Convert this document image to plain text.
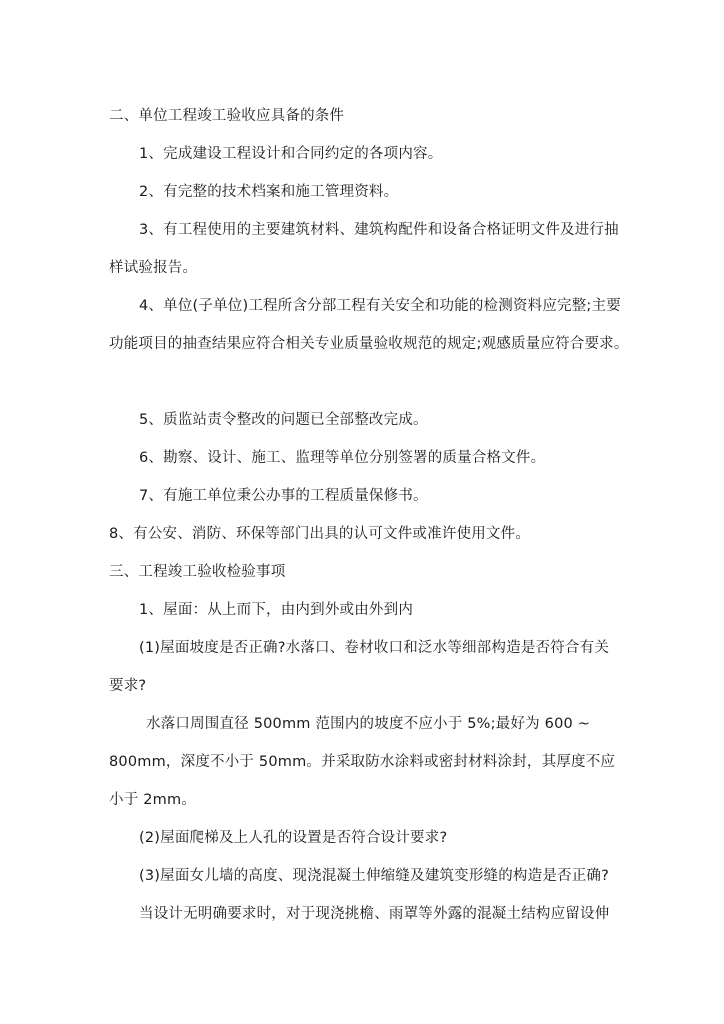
二、单位工程竣工验收应具备的条件
1、完成建设工程设计和合同约定的各项内容。
2、有完整的技术档案和施工管理资料。
3、有工程使用的主要建筑材料、建筑构配件和设备合格证明文件及进行抽
样试验报告。
4、单位(子单位)工程所含分部工程有关安全和功能的检测资料应完整;主要
功能项目的抽查结果应符合相关专业质量验收规范的规定;观感质量应符合要求。
5、质监站责令整改的问题已全部整改完成。
6、勘察、设计、施工、监理等单位分别签署的质量合格文件。
7、有施工单位秉公办事的工程质量保修书。
8、有公安、消防、环保等部门出具的认可文件或准许使用文件。
三、工程竣工验收检验事项
1、屋面：从上而下，由内到外或由外到内
(1)屋面坡度是否正确?水落口、卷材收口和泛水等细部构造是否符合有关
要求?
水落口周围直径 500mm 范围内的坡度不应小于 5%;最好为 600 ~
800mm，深度不小于 50mm。并采取防水涂料或密封材料涂封，其厚度不应
小于 2mm。
(2)屋面爬梯及上人孔的设置是否符合设计要求?
(3)屋面女儿墙的高度、现浇混凝土伸缩缝及建筑变形缝的构造是否正确?
当设计无明确要求时，对于现浇挑檐、雨罩等外露的混凝土结构应留设伸
